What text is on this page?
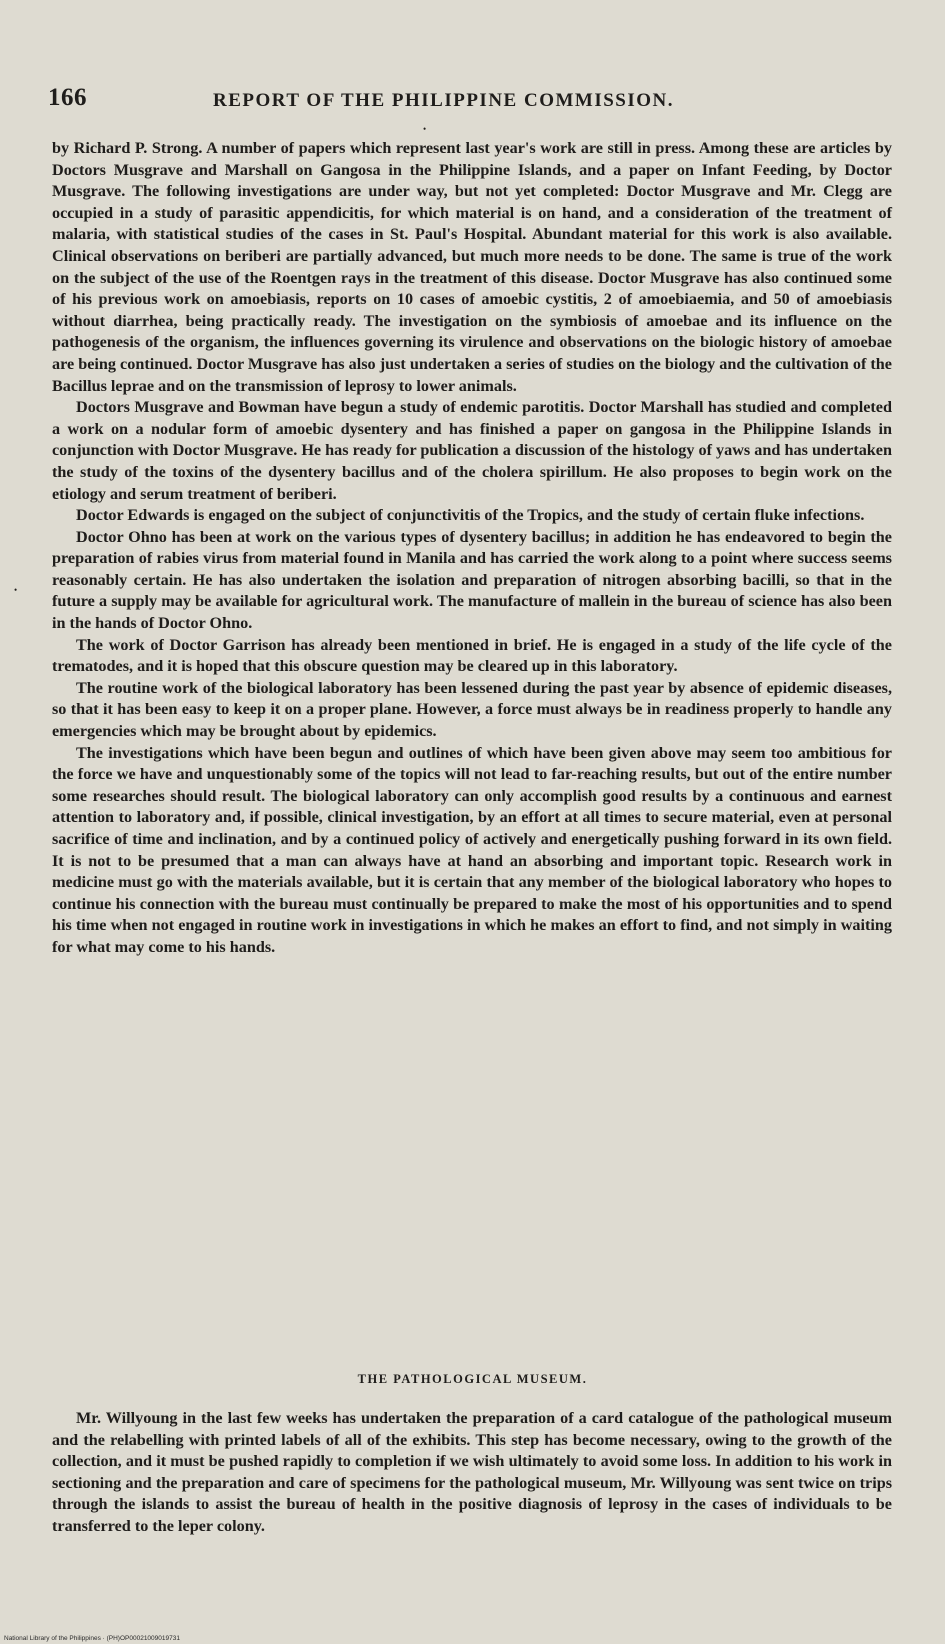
166	REPORT OF THE PHILIPPINE COMMISSION.
•
•

by Richard P. Strong. A number of papers which represent last year's work are still in press. Among these are articles by Doctors Musgrave and Marshall on Gangosa in the Philippine Islands, and a paper on Infant Feeding, by Doctor Musgrave. The following investigations are under way, but not yet completed: Doctor Musgrave and Mr. Clegg are occupied in a study of parasitic appendicitis, for which material is on hand, and a consideration of the treatment of malaria, with statistical studies of the cases in St. Paul's Hospital. Abundant material for this work is also available. Clinical observations on beriberi are partially advanced, but much more needs to be done. The same is true of the work on the subject of the use of the Roentgen rays in the treatment of this disease. Doctor Musgrave has also continued some of his previous work on amoebiasis, reports on 10 cases of amoebic cystitis, 2 of amoebiaemia, and 50 of amoebiasis without diarrhea, being practically ready. The investigation on the symbiosis of amoebae and its influence on the pathogenesis of the organism, the influences governing its virulence and observations on the biologic history of amoebae are being continued. Doctor Musgrave has also just undertaken a series of studies on the biology and the cultivation of the Bacillus leprae and on the transmission of leprosy to lower animals.

Doctors Musgrave and Bowman have begun a study of endemic parotitis. Doctor Marshall has studied and completed a work on a nodular form of amoebic dysentery and has finished a paper on gangosa in the Philippine Islands in conjunction with Doctor Musgrave. He has ready for publication a discussion of the histology of yaws and has undertaken the study of the toxins of the dysentery bacillus and of the cholera spirillum. He also proposes to begin work on the etiology and serum treatment of beriberi.

Doctor Edwards is engaged on the subject of conjunctivitis of the Tropics, and the study of certain fluke infections.

Doctor Ohno has been at work on the various types of dysentery bacillus; in addition he has endeavored to begin the preparation of rabies virus from material found in Manila and has carried the work along to a point where success seems reasonably certain. He has also undertaken the isolation and preparation of nitrogen absorbing bacilli, so that in the future a supply may be available for agricultural work. The manufacture of mallein in the bureau of science has also been in the hands of Doctor Ohno.

The work of Doctor Garrison has already been mentioned in brief. He is engaged in a study of the life cycle of the trematodes, and it is hoped that this obscure question may be cleared up in this laboratory.

The routine work of the biological laboratory has been lessened during the past year by absence of epidemic diseases, so that it has been easy to keep it on a proper plane. However, a force must always be in readiness properly to handle any emergencies which may be brought about by epidemics.

The investigations which have been begun and outlines of which have been given above may seem too ambitious for the force we have and unquestionably some of the topics will not lead to far-reaching results, but out of the entire number some researches should result. The biological laboratory can only accomplish good results by a continuous and earnest attention to laboratory and, if possible, clinical investigation, by an effort at all times to secure material, even at personal sacrifice of time and inclination, and by a continued policy of actively and energetically pushing forward in its own field. It is not to be presumed that a man can always have at hand an absorbing and important topic. Research work in medicine must go with the materials available, but it is certain that any member of the biological laboratory who hopes to continue his connection with the bureau must continually be prepared to make the most of his opportunities and to spend his time when not engaged in routine work in investigations in which he makes an effort to find, and not simply in waiting for what may come to his hands.

THE PATHOLOGICAL MUSEUM.

Mr. Willyoung in the last few weeks has undertaken the preparation of a card catalogue of the pathological museum and the relabelling with printed labels of all of the exhibits. This step has become necessary, owing to the growth of the collection, and it must be pushed rapidly to completion if we wish ultimately to avoid some loss. In addition to his work in sectioning and the preparation and care of specimens for the pathological museum, Mr. Willyoung was sent twice on trips through the islands to assist the bureau of health in the positive diagnosis of leprosy in the cases of individuals to be transferred to the leper colony.

National Library of the Philippines · (PH)OP00021009019731
